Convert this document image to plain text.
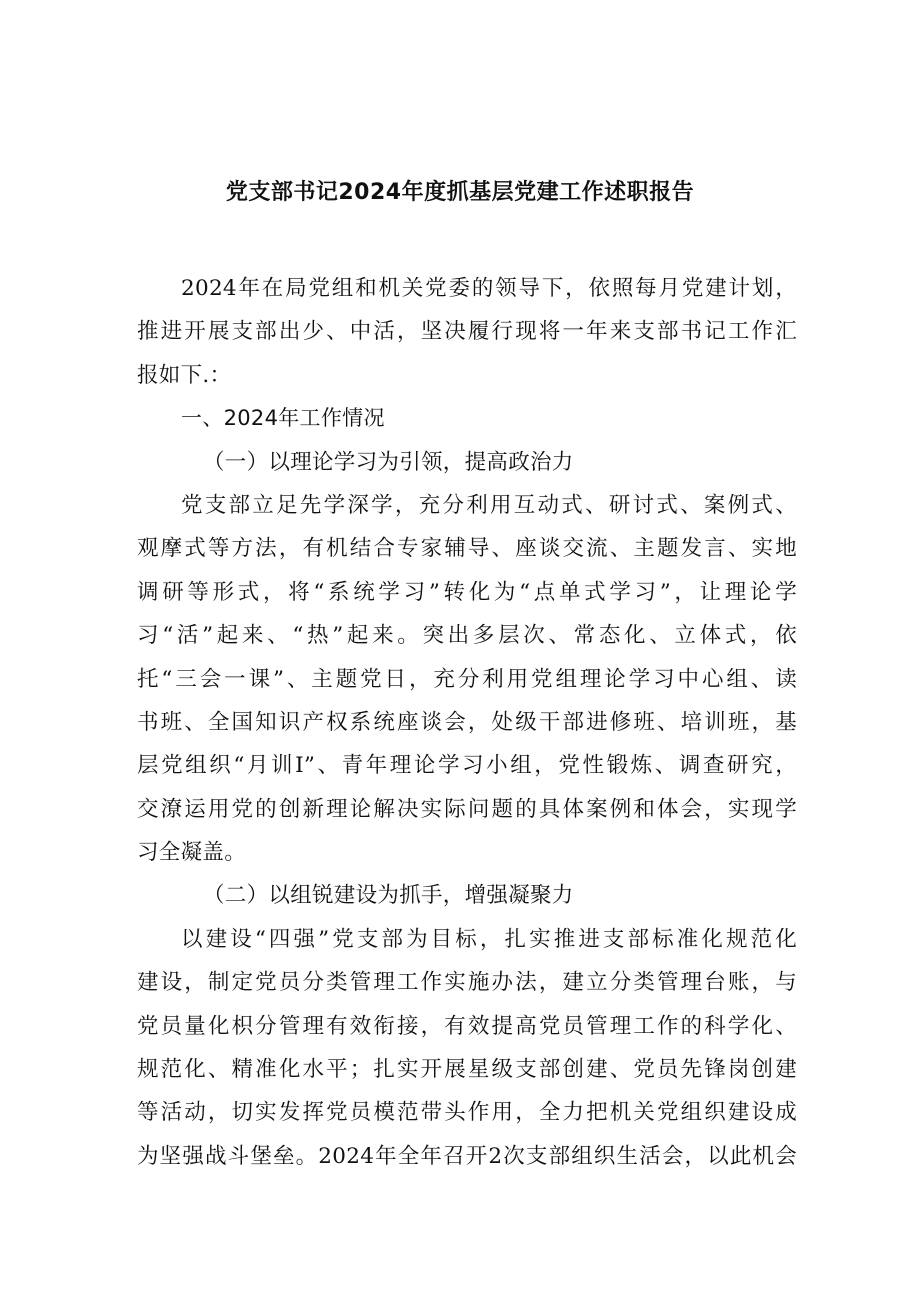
党支部书记2024年度抓基层党建工作述职报告
2024年在局党组和机关党委的领导下，依照每月党建计划，
推进开展支部出少、中活，坚决履行现将一年来支部书记工作汇
报如下.：
一、2024年工作情况
（一）以理论学习为引领，提高政治力
党支部立足先学深学，充分利用互动式、研讨式、案例式、
观摩式等方法，有机结合专家辅导、座谈交流、主题发言、实地
调研等形式，将“系统学习”转化为“点单式学习”，让理论学
习“活”起来、“热”起来。突出多层次、常态化、立体式，依
托“三会一课”、主题党日，充分利用党组理论学习中心组、读
书班、全国知识产权系统座谈会，处级干部进修班、培训班，基
层党组织“月训I”、青年理论学习小组，党性锻炼、调查研究，
交潦运用党的创新理论解决实际问题的具体案例和体会，实现学
习全凝盖。
（二）以组锐建设为抓手，增强凝聚力
以建设“四强”党支部为目标，扎实推进支部标准化规范化
建设，制定党员分类管理工作实施办法，建立分类管理台账，与
党员量化枳分管理有效衔接，有效提高党员管理工作的科学化、
规范化、精准化水平；扎实开展星级支部创建、党员先锋岗创建
等活动，切实发挥党员模范带头作用，全力把机关党组织建设成
为坚强战斗堡垒。2024年全年召开2次支部组织生活会，以此机会
